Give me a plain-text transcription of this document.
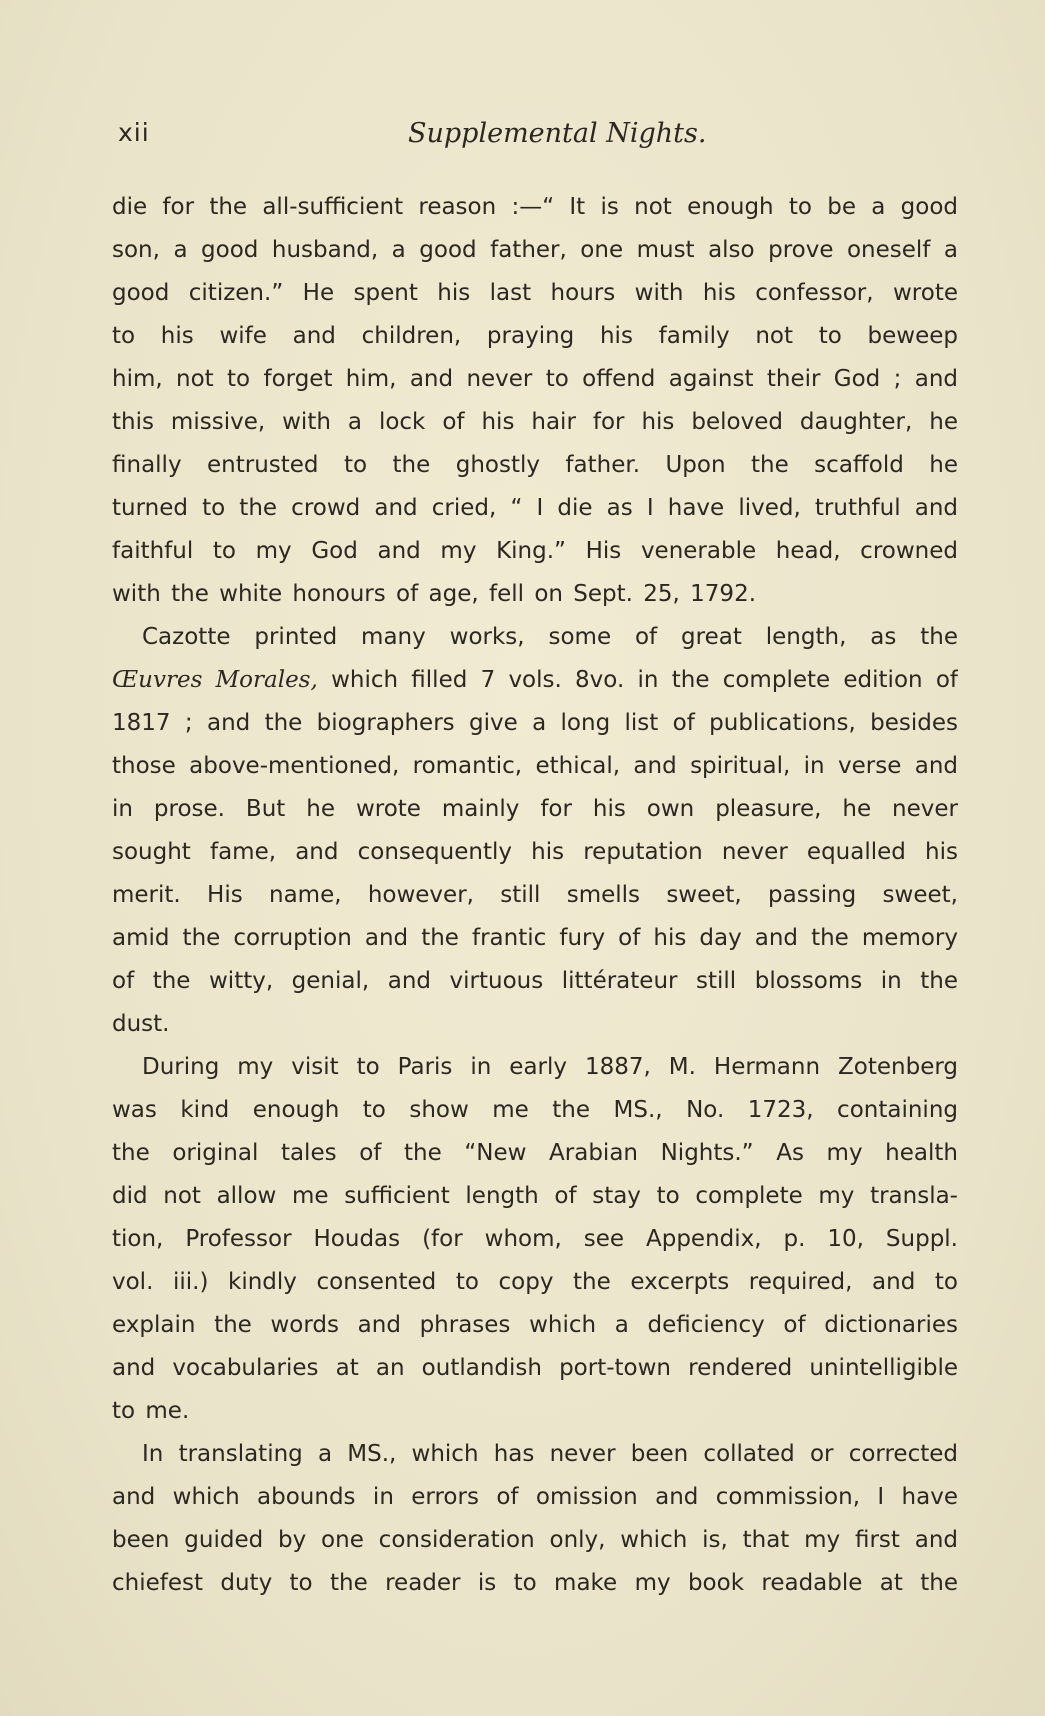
xii	Supplemental Nights.
die for the all-sufficient reason :—“ It is not enough to be a good
son, a good husband, a good father, one must also prove oneself a
good citizen.” He spent his last hours with his confessor, wrote
to his wife and children, praying his family not to beweep
him, not to forget him, and never to offend against their God ; and
this missive, with a lock of his hair for his beloved daughter, he
finally entrusted to the ghostly father. Upon the scaffold he
turned to the crowd and cried, “ I die as I have lived, truthful and
faithful to my God and my King.” His venerable head, crowned
with the white honours of age, fell on Sept. 25, 1792.
Cazotte printed many works, some of great length, as the
Œuvres Morales, which filled 7 vols. 8vo. in the complete edition of
1817 ; and the biographers give a long list of publications, besides
those above-mentioned, romantic, ethical, and spiritual, in verse and
in prose. But he wrote mainly for his own pleasure, he never
sought fame, and consequently his reputation never equalled his
merit. His name, however, still smells sweet, passing sweet,
amid the corruption and the frantic fury of his day and the memory
of the witty, genial, and virtuous littérateur still blossoms in the
dust.
During my visit to Paris in early 1887, M. Hermann Zotenberg
was kind enough to show me the MS., No. 1723, containing
the original tales of the “New Arabian Nights.” As my health
did not allow me sufficient length of stay to complete my transla-
tion, Professor Houdas (for whom, see Appendix, p. 10, Suppl.
vol. iii.) kindly consented to copy the excerpts required, and to
explain the words and phrases which a deficiency of dictionaries
and vocabularies at an outlandish port-town rendered unintelligible
to me.
In translating a MS., which has never been collated or corrected
and which abounds in errors of omission and commission, I have
been guided by one consideration only, which is, that my first and
chiefest duty to the reader is to make my book readable at the
